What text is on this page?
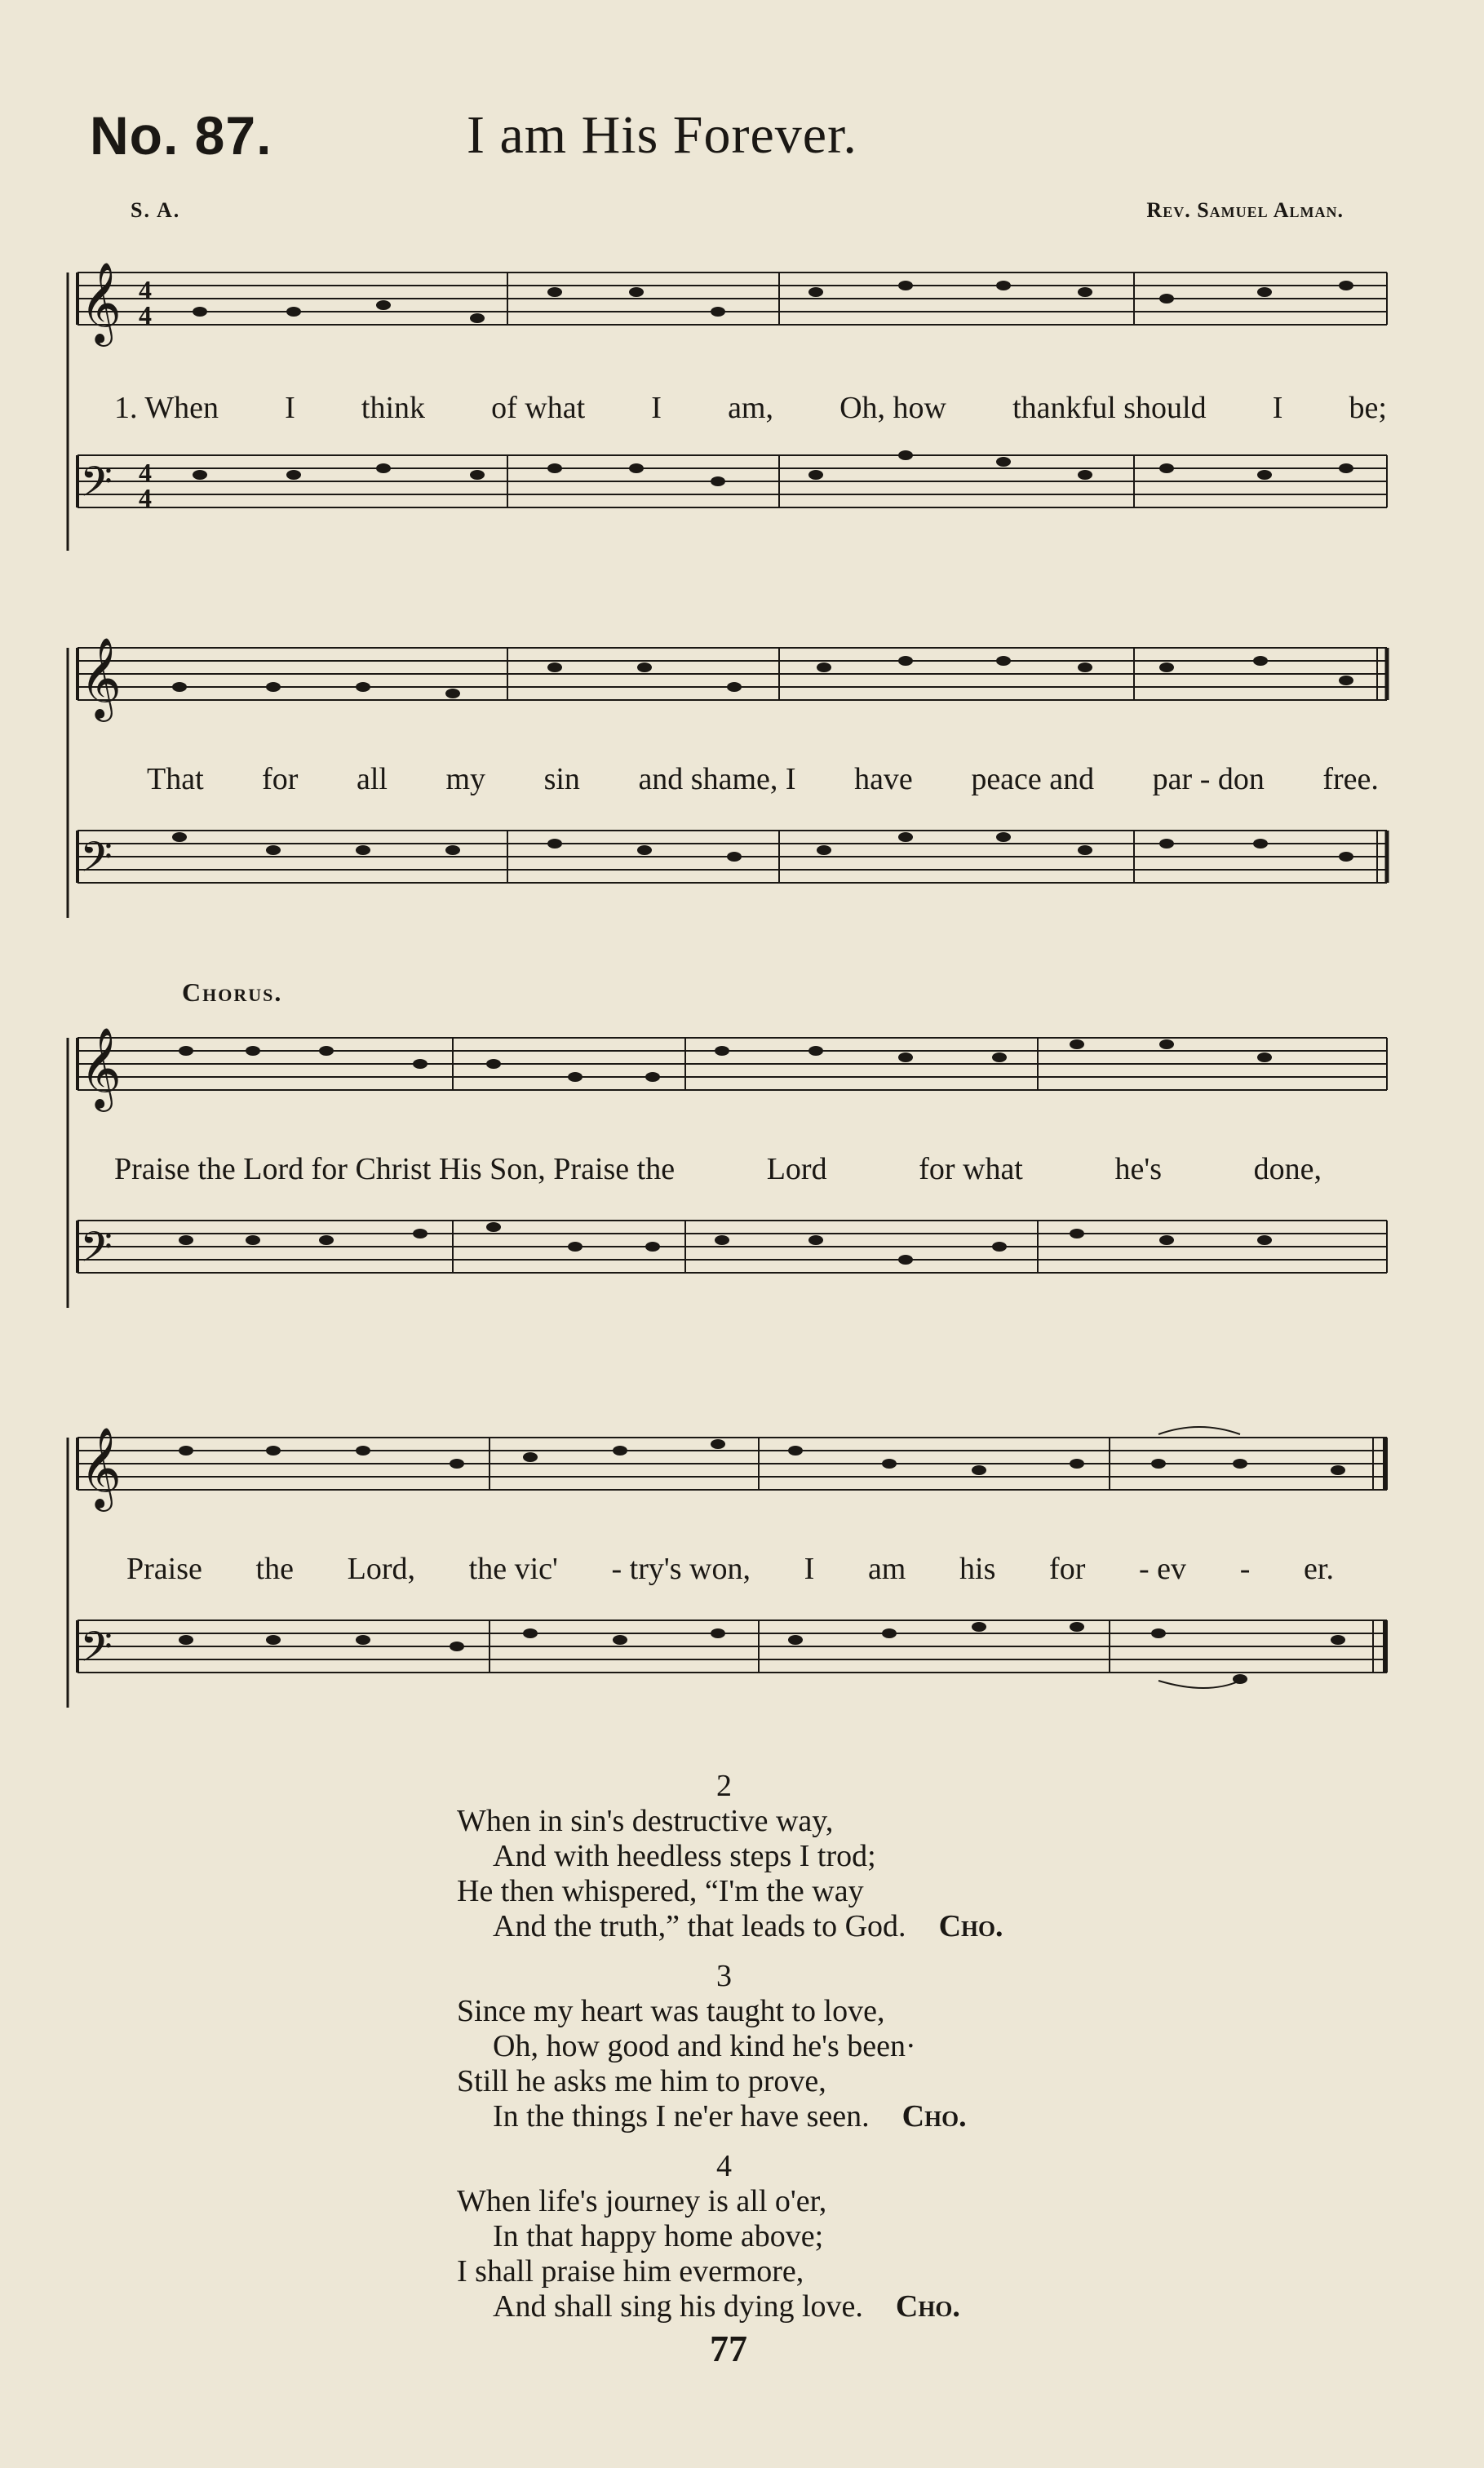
No. 87.	I am His Forever.
S. A.	Rev. Samuel Alman.
𝄞
𝄢
4
4
4
4
1. When I think of what I am, Oh, how thankful should I be;
𝄞
𝄢
That for all my sin and shame, I have peace and par - don free.
Chorus.
𝄞
𝄢
Praise the Lord for Christ His Son, Praise the	Lord	for what	he's	done,
𝄞
𝄢
Praise the Lord, the vic' - try's won, I am his for - ev - er.
2
When in sin's destructive way,
And with heedless steps I trod;
He then whispered, “I'm the way
And the truth,” that leads to God. Cho.
3
Since my heart was taught to love,
Oh, how good and kind he's been·
Still he asks me him to prove,
In the things I ne'er have seen. Cho.
4
When life's journey is all o'er,
In that happy home above;
I shall praise him evermore,
And shall sing his dying love. Cho.
77
